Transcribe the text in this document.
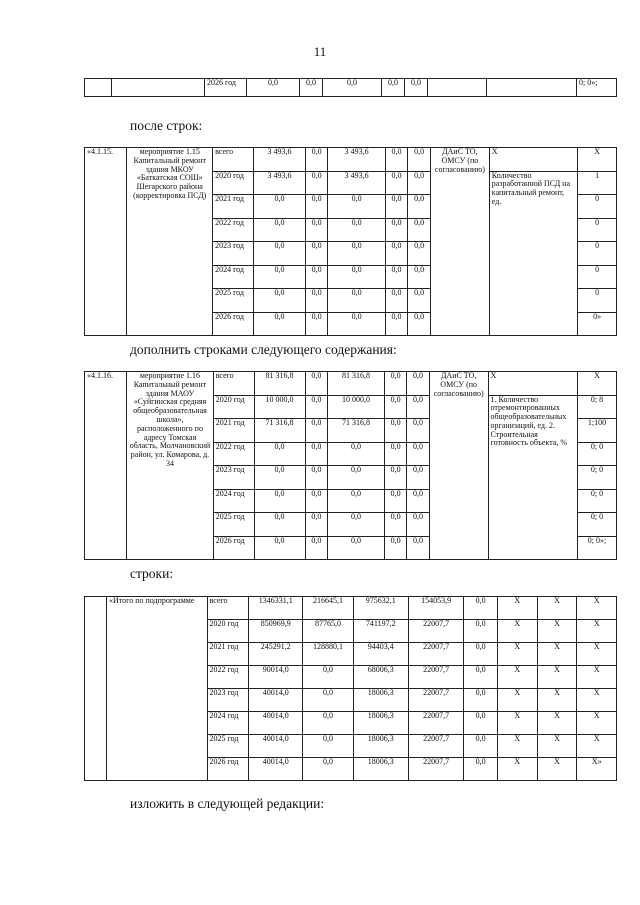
11
		2026 год	0,0	0,0	0,0	0,0	0,0			0; 0»;
после строк:
«4.1.15.	мероприятие 1.15 Капитальный ремонт здания МКОУ «Баткатская СОШ» Шегарского района (корректировка ПСД)	всего	3 493,6	0,0	3 493,6	0,0	0,0	ДАиС ТО, ОМСУ (по согласованию)	Х	Х
		2020 год	3 493,6	0,0	3 493,6	0,0	0,0		Количество разработанной ПСД на капитальный ремонт, ед.	1
		2021 год	0,0	0,0	0,0	0,0	0,0			0
		2022 год	0,0	0,0	0,0	0,0	0,0			0
		2023 год	0,0	0,0	0,0	0,0	0,0			0
		2024 год	0,0	0,0	0,0	0,0	0,0			0
		2025 год	0,0	0,0	0,0	0,0	0,0			0
		2026 год	0,0	0,0	0,0	0,0	0,0			0»
дополнить строками следующего содержания:
«4.1.16.	мероприятие 1.16 Капитальный ремонт здания МАОУ «Суйгинская средняя общеобразовательная школа», расположенного по адресу Томская область, Молчановский район, ул. Комарова, д. 34	всего	81 316,8	0,0	81 316,8	0,0	0,0	ДАиС ТО, ОМСУ (по согласованию)	Х	Х
		2020 год	10 000,0	0,0	10 000,0	0,0	0,0		1. Количество отремонтированных общеобразовательных организаций, ед. 2. Строительная готовность объекта, %	0; 8
		2021 год	71 316,8	0,0	71 316,8	0,0	0,0			1;100
		2022 год	0,0	0,0	0,0	0,0	0,0			0; 0
		2023 год	0,0	0,0	0,0	0,0	0,0			0; 0
		2024 год	0,0	0,0	0,0	0,0	0,0			0; 0
		2025 год	0,0	0,0	0,0	0,0	0,0			0; 0
		2026 год	0,0	0,0	0,0	0,0	0,0			0; 0»;
строки:
	«Итого по подпрограмме	всего	1346331,1	216645,1	975632,1	154053,9	0,0	Х	Х	Х
		2020 год	850969,9	87765,0	741197,2	22007,7	0,0	Х	Х	Х
		2021 год	245291,2	128880,1	94403,4	22007,7	0,0	Х	Х	Х
		2022 год	90014,0	0,0	68006,3	22007,7	0,0	Х	Х	Х
		2023 год	40014,0	0,0	18006,3	22007,7	0,0	Х	Х	Х
		2024 год	40014,0	0,0	18006,3	22007,7	0,0	Х	Х	Х
		2025 год	40014,0	0,0	18006,3	22007,7	0,0	Х	Х	Х
		2026 год	40014,0	0,0	18006,3	22007,7	0,0	Х	Х	Х»
изложить в следующей редакции:
